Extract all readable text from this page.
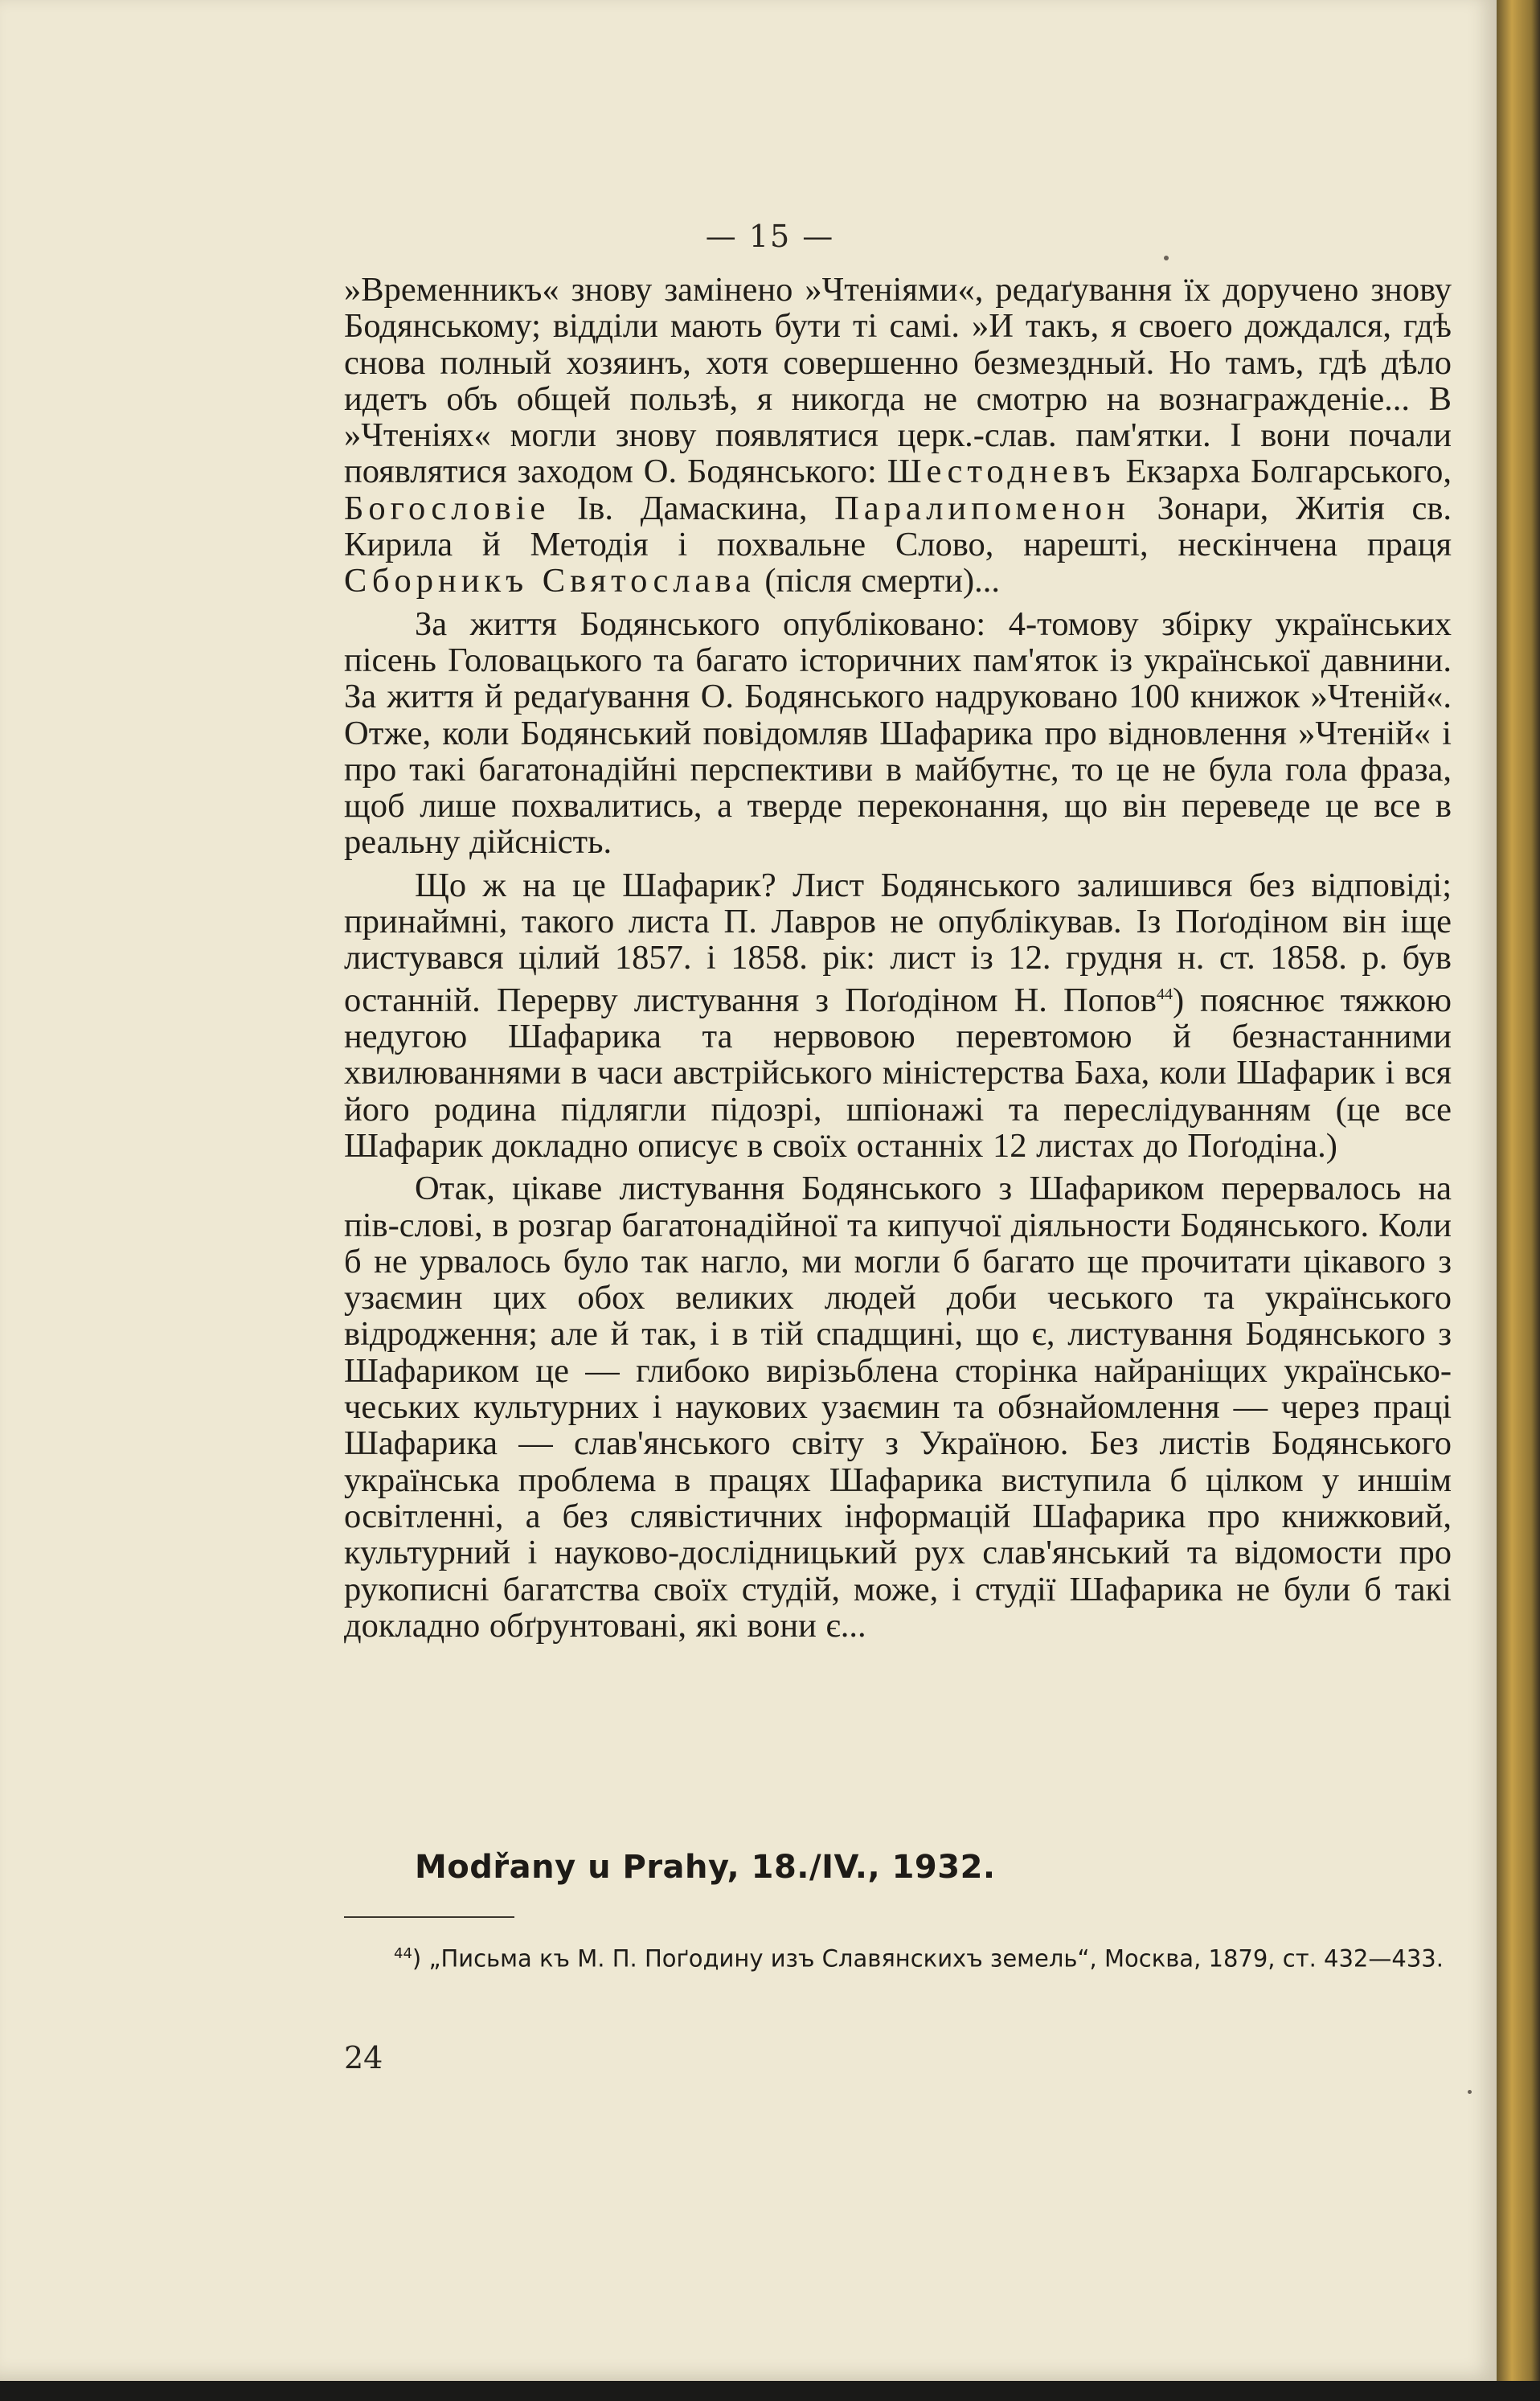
— 15 —

»Временникъ« знову замінено »Чтеніями«, редаґування їх доручено знову Бодянському; відділи мають бути ті самі. »И такъ, я своего дождался, гдѣ снова полный хозяинъ, хотя совершенно безмездный. Но тамъ, гдѣ дѣло идетъ объ общей пользѣ, я никогда не смотрю на вознагражденіе... В »Чтеніях« могли знову появлятися церк.-слав. пам'ятки. І вони почали появлятися заходом О. Бодянського: Шестодневъ Екзарха Болгарського, Богословіе Ів. Дамаскина, Паралипоменон Зонари, Житія св. Кирила й Методія і похвальне Слово, нарешті, нескінчена праця Сборникъ Святослава (після смерти)...

За життя Бодянського опубліковано: 4-томову збірку українських пісень Головацького та багато історичних пам'яток із української давнини. За життя й редаґування О. Бодянського надруковано 100 книжок »Чтеній«. Отже, коли Бодянський повідомляв Шафарика про відновлення »Чтеній« і про такі багатонадійні перспективи в майбутнє, то це не була гола фраза, щоб лише похвалитись, а тверде переконання, що він переведе це все в реальну дійсність.

Що ж на це Шафарик? Лист Бодянського залишився без відповіді; принаймні, такого листа П. Лавров не опублікував. Із Поґодіном він іще листувався цілий 1857. і 1858. рік: лист із 12. грудня н. ст. 1858. р. був останній. Перерву листування з Поґодіном Н. Попов$^{44}$) пояснює тяжкою недугою Шафарика та нервовою перевтомою й безнастанними хвилюваннями в часи австрійського міністерства Баха, коли Шафарик і вся його родина підлягли підозрі, шпіонажі та переслідуванням (це все Шафарик докладно описує в своїх останніх 12 листах до Поґодіна.)

Отак, цікаве листування Бодянського з Шафариком перервалось на пів-слові, в розгар багатонадійної та кипучої діяльности Бодянського. Коли б не урвалось було так нагло, ми могли б багато ще прочитати цікавого з узаємин цих обох великих людей доби чеського та українського відродження; але й так, і в тій спадщині, що є, листування Бодянського з Шафариком це — глибоко вирізьблена сторінка найраніщих українсько-чеських культурних і наукових узаємин та обзнайомлення — через праці Шафарика — слав'янського світу з Україною. Без листів Бодянського українська проблема в працях Шафарика виступила б цілком у иншім освітленні, а без слявістичних інформацій Шафарика про книжковий, культурний і науково-дослідницький рух слав'янський та відомости про рукописні багатства своїх студій, може, і студії Шафарика не були б такі докладно обґрунтовані, які вони є...

Modřany u Prahy, 18./IV., 1932.
$^{44}$) „Письма къ М. П. Поґодину изъ Славянскихъ земель“, Москва, 1879, ст. 432—433.
24
